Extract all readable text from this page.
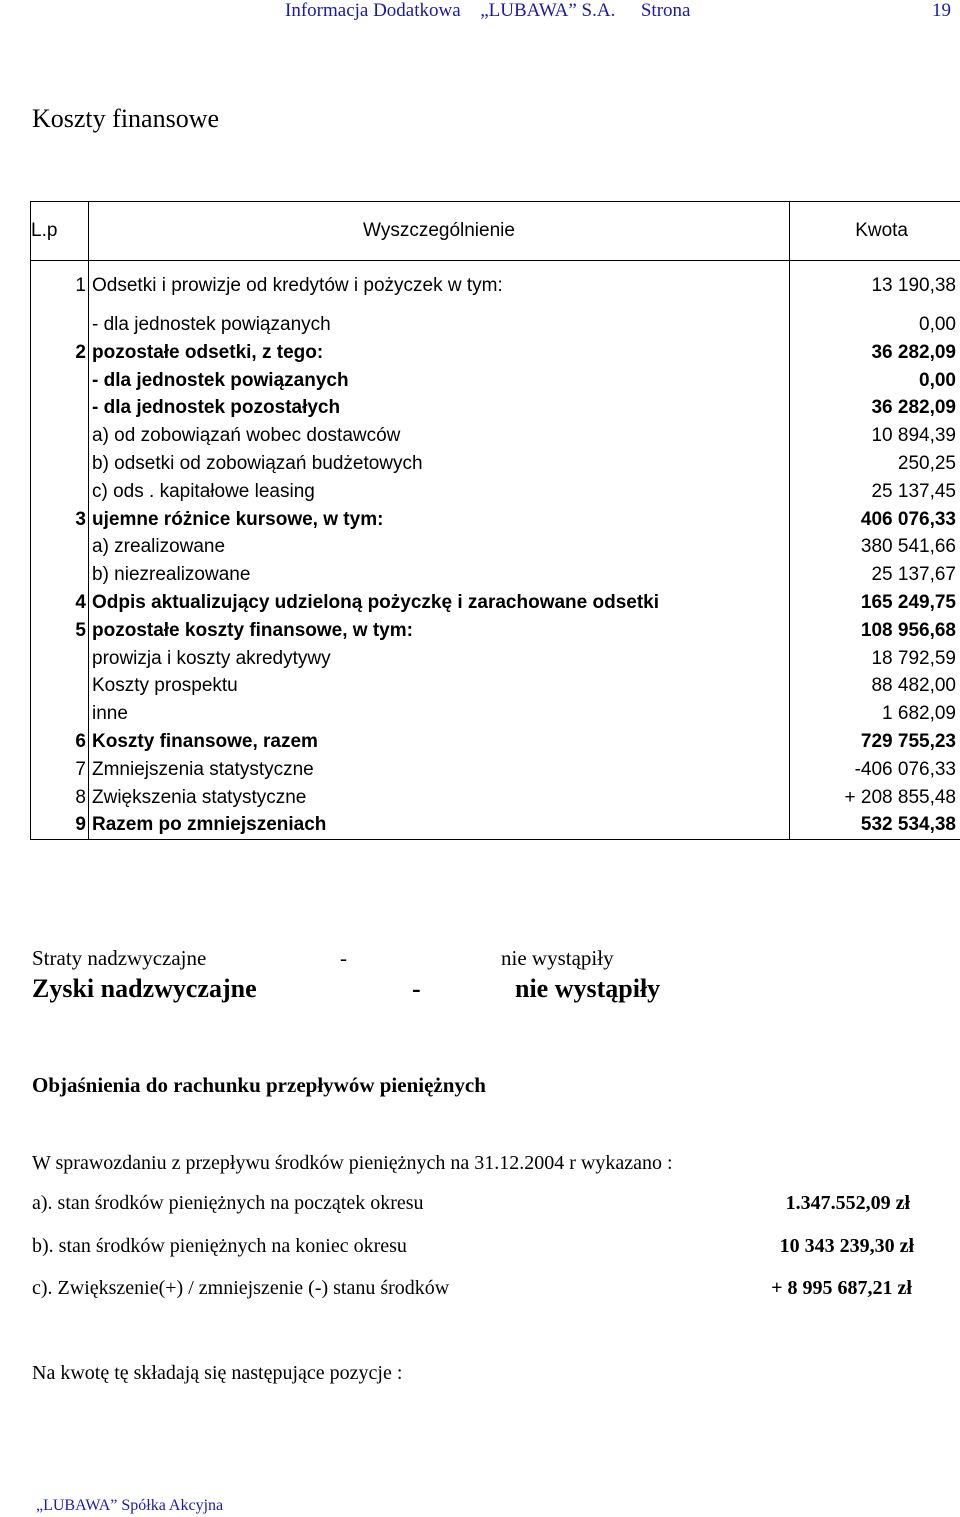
Informacja Dodatkowa „LUBAWA” S.A. Strona	19
Koszty finansowe
L.p	Wyszczególnienie	Kwota
1	Odsetki i prowizje od kredytów i pożyczek w tym:	13 190,38
	- dla jednostek powiązanych	0,00
2	pozostałe odsetki, z tego:	36 282,09
	- dla jednostek powiązanych	0,00
	- dla jednostek pozostałych	36 282,09
	a) od zobowiązań wobec dostawców	10 894,39
	b) odsetki od zobowiązań budżetowych	250,25
	c) ods . kapitałowe leasing	25 137,45
3	ujemne różnice kursowe, w tym:	406 076,33
	a) zrealizowane	380 541,66
	b) niezrealizowane	25 137,67
4	Odpis aktualizujący udzieloną pożyczkę i zarachowane odsetki	165 249,75
5	pozostałe koszty finansowe, w tym:	108 956,68
	prowizja i koszty akredytywy	18 792,59
	Koszty prospektu	88 482,00
	inne	1 682,09
6	Koszty finansowe, razem	729 755,23
7	Zmniejszenia statystyczne	-406 076,33
8	Zwiększenia statystyczne	+ 208 855,48
9	Razem po zmniejszeniach	532 534,38
Straty nadzwyczajne	-	nie wystąpiły
Zyski nadzwyczajne	-	nie wystąpiły
Objaśnienia do rachunku przepływów pieniężnych
W sprawozdaniu z przepływu środków pieniężnych na 31.12.2004 r wykazano :
a). stan środków pieniężnych na początek okresu	1.347.552,09 zł
b). stan środków pieniężnych na koniec okresu	10 343 239,30 zł
c). Zwiększenie(+) / zmniejszenie (-) stanu środków	+ 8 995 687,21 zł
Na kwotę tę składają się następujące pozycje :
„LUBAWA” Spółka Akcyjna
